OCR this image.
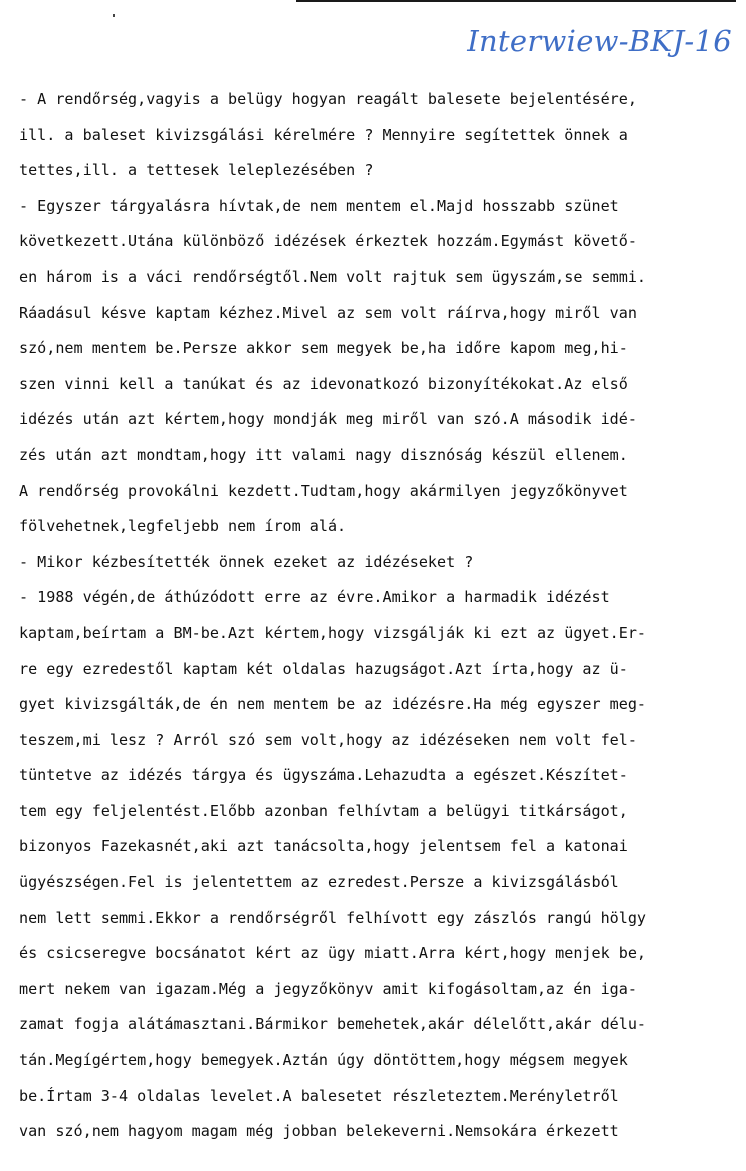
Interwiew-BKJ-16
- A rendőrség,vagyis a belügy hogyan reagált balesete bejelentésére,
ill. a baleset kivizsgálási kérelmére ? Mennyire segítettek önnek a
tettes,ill. a tettesek leleplezésében ?
- Egyszer tárgyalásra hívtak,de nem mentem el.Majd hosszabb szünet
következett.Utána különböző idézések érkeztek hozzám.Egymást követő-
en három is a váci rendőrségtől.Nem volt rajtuk sem ügyszám,se semmi.
Ráadásul késve kaptam kézhez.Mivel az sem volt ráírva,hogy miről van
szó,nem mentem be.Persze akkor sem megyek be,ha időre kapom meg,hi-
szen vinni kell a tanúkat és az idevonatkozó bizonyítékokat.Az első
idézés után azt kértem,hogy mondják meg miről van szó.A második idé-
zés után azt mondtam,hogy itt valami nagy disznóság készül ellenem.
A rendőrség provokálni kezdett.Tudtam,hogy akármilyen jegyzőkönyvet
fölvehetnek,legfeljebb nem írom alá.
- Mikor kézbesítették önnek ezeket az idézéseket ?
- 1988 végén,de áthúzódott erre az évre.Amikor a harmadik idézést
kaptam,beírtam a BM-be.Azt kértem,hogy vizsgálják ki ezt az ügyet.Er-
re egy ezredestől kaptam két oldalas hazugságot.Azt írta,hogy az ü-
gyet kivizsgálták,de én nem mentem be az idézésre.Ha még egyszer meg-
teszem,mi lesz ? Arról szó sem volt,hogy az idézéseken nem volt fel-
tüntetve az idézés tárgya és ügyszáma.Lehazudta a egészet.Készítet-
tem egy feljelentést.Előbb azonban felhívtam a belügyi titkárságot,
bizonyos Fazekasnét,aki azt tanácsolta,hogy jelentsem fel a katonai
ügyészségen.Fel is jelentettem az ezredest.Persze a kivizsgálásból
nem lett semmi.Ekkor a rendőrségről felhívott egy zászlós rangú hölgy
és csicseregve bocsánatot kért az ügy miatt.Arra kért,hogy menjek be,
mert nekem van igazam.Még a jegyzőkönyv amit kifogásoltam,az én iga-
zamat fogja alátámasztani.Bármikor bemehetek,akár délelőtt,akár délu-
tán.Megígértem,hogy bemegyek.Aztán úgy döntöttem,hogy mégsem megyek
be.Írtam 3-4 oldalas levelet.A balesetet részleteztem.Merényletről
van szó,nem hagyom magam még jobban belekeverni.Nemsokára érkezett
